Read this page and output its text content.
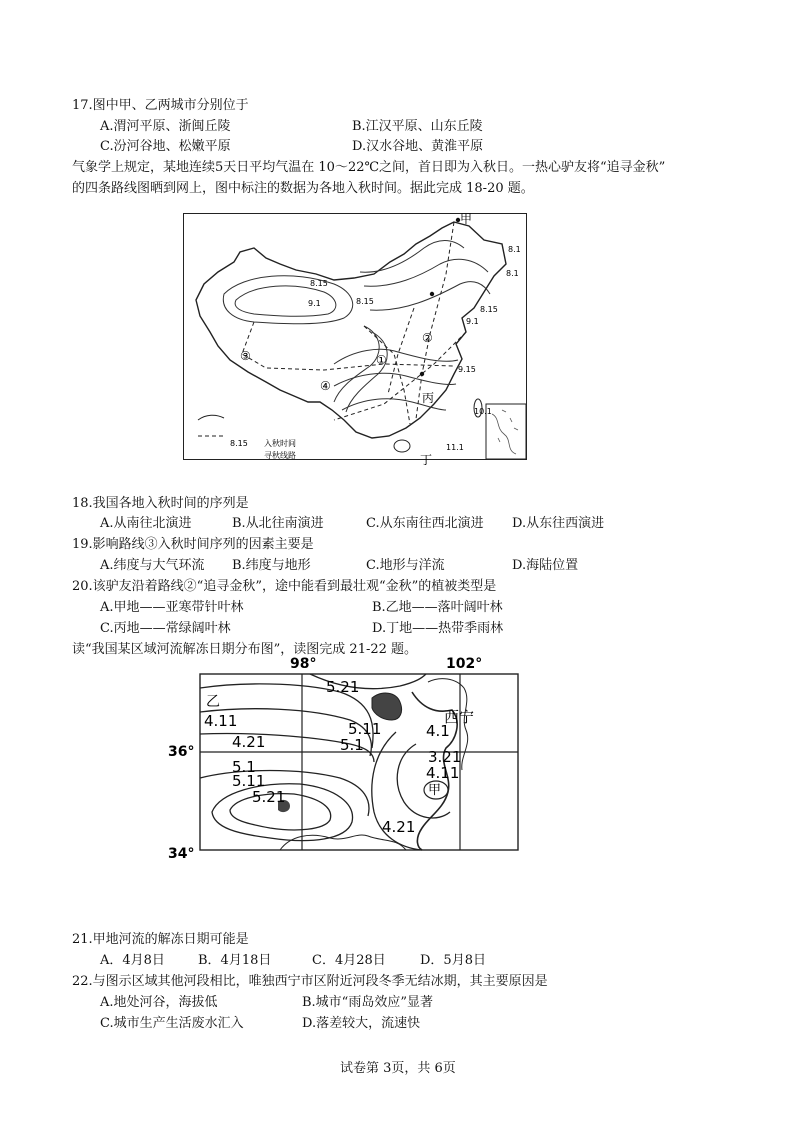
17.图中甲、乙两城市分别位于
A.渭河平原、浙闽丘陵	B.江汉平原、山东丘陵
C.汾河谷地、松嫩平原	D.汉水谷地、黄淮平原
气象学上规定，某地连续5天日平均气温在 10～22℃之间，首日即为入秋日。一热心驴友将“追寻金秋”
的四条路线图晒到网上，图中标注的数据为各地入秋时间。据此完成 18-20 题。
甲
丙
丁
①
②
③
④
8.1
8.1
8.15
9.1	8.15
8.15
9.1
9.15
10.1
11.1
8.15 入秋时间
寻秋线路
18.我国各地入秋时间的序列是
A.从南往北演进	B.从北往南演进	C.从东南往西北演进 D.从东往西演进
19.影响路线③入秋时间序列的因素主要是
A.纬度与大气环流 B.纬度与地形	C.地形与洋流	D.海陆位置
20.该驴友沿着路线②“追寻金秋”，途中能看到最壮观“金秋”的植被类型是
A.甲地——亚寒带针叶林	B.乙地——落叶阔叶林
C.丙地——常绿阔叶林	D.丁地——热带季雨林
读“我国某区域河流解冻日期分布图”，读图完成 21-22 题。
98°	102°
36°
34°
乙
甲
西宁
5.21
4.11
4.21
5.11
5.1
4.1
3.21
4.11
5.1
5.11
5.21
4.21
21.甲地河流的解冻日期可能是
A．4月8日	B．4月18日	C．4月28日	D．5月8日
22.与图示区域其他河段相比，唯独西宁市区附近河段冬季无结冰期，其主要原因是
A.地处河谷，海拔低	B.城市“雨岛效应”显著
C.城市生产生活废水汇入	D.落差较大，流速快
试卷第 3页，共 6页
